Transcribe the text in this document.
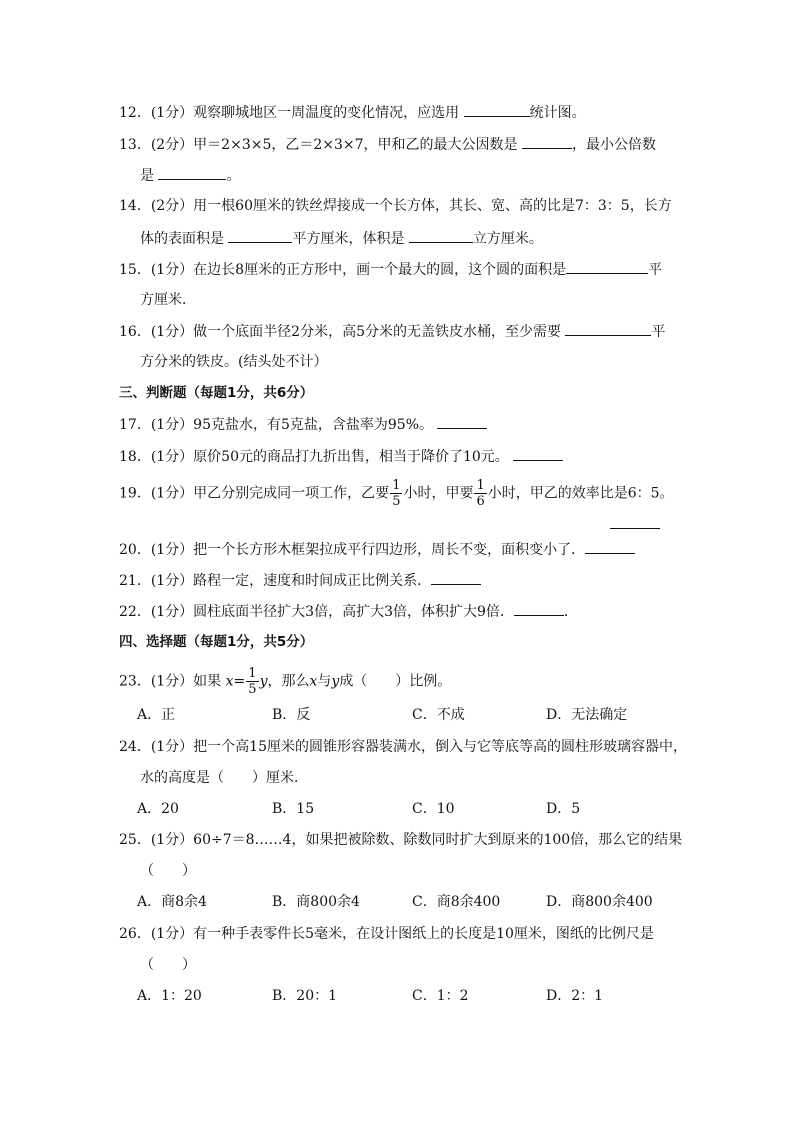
12．(1分）观察聊城地区一周温度的变化情况，应选用	统计图。
13．(2分）甲＝2×3×5，乙＝2×3×7，甲和乙的最大公因数是	，最小公倍数
是	。
14．(2分）用一根60厘米的铁丝焊接成一个长方体，其长、宽、高的比是7：3：5，长方
体的表面积是	平方厘米，体积是	立方厘米。
15．(1分）在边长8厘米的正方形中，画一个最大的圆，这个圆的面积是	平
方厘米．
16．(1分）做一个底面半径2分米，高5分米的无盖铁皮水桶，至少需要	平
方分米的铁皮。(结头处不计）
三、判断题（每题1分，共6分）
17．(1分）95克盐水，有5克盐，含盐率为95%。
18．(1分）原价50元的商品打九折出售，相当于降价了10元。
19．(1分）甲乙分别完成同一项工作，乙要 $\frac{1}{5}$ 小时，甲要 $\frac{1}{6}$ 小时，甲乙的效率比是6：5。
20．(1分）把一个长方形木框架拉成平行四边形，周长不变，面积变小了．
21．(1分）路程一定，速度和时间成正比例关系．
22．(1分）圆柱底面半径扩大3倍，高扩大3倍，体积扩大9倍．	．
四、选择题（每题1分，共5分）
23．(1分）如果 $x= \frac{1}{5}$ y，那么x与y成（　　）比例。
A．正	B．反	C．不成	D．无法确定
24．(1分）把一个高15厘米的圆锥形容器装满水，倒入与它等底等高的圆柱形玻璃容器中，
水的高度是（　　）厘米．
A．20	B．15	C．10	D．5
25．(1分）60÷7＝8……4，如果把被除数、除数同时扩大到原来的100倍，那么它的结果
（　　）
A．商8余4	B．商800余4	C．商8余400	D．商800余400
26．(1分）有一种手表零件长5毫米，在设计图纸上的长度是10厘米，图纸的比例尺是
（　　）
A．1：20	B．20：1	C．1：2	D．2：1
